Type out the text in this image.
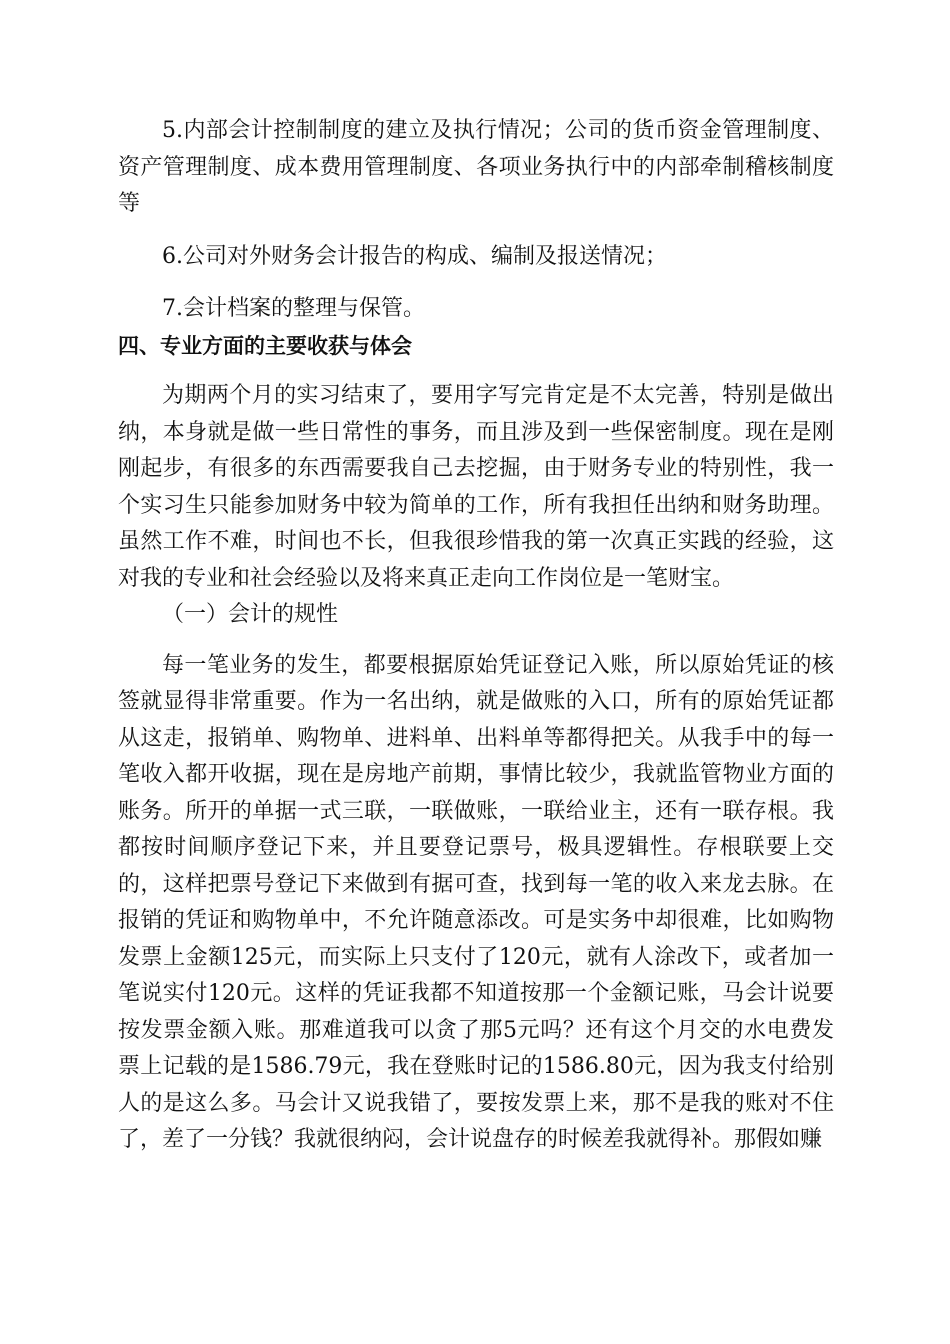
5.内部会计控制制度的建立及执行情况；公司的货币资金管理制度、资产管理制度、成本费用管理制度、各项业务执行中的内部牵制稽核制度等

6.公司对外财务会计报告的构成、编制及报送情况；

7.会计档案的整理与保管。

四、专业方面的主要收获与体会

为期两个月的实习结束了，要用字写完肯定是不太完善，特别是做出纳，本身就是做一些日常性的事务，而且涉及到一些保密制度。现在是刚刚起步，有很多的东西需要我自己去挖掘，由于财务专业的特别性，我一个实习生只能参加财务中较为简单的工作，所有我担任出纳和财务助理。虽然工作不难，时间也不长，但我很珍惜我的第一次真正实践的经验，这对我的专业和社会经验以及将来真正走向工作岗位是一笔财宝。

（一）会计的规性

每一笔业务的发生，都要根据原始凭证登记入账，所以原始凭证的核签就显得非常重要。作为一名出纳，就是做账的入口，所有的原始凭证都从这走，报销单、购物单、进料单、出料单等都得把关。从我手中的每一笔收入都开收据，现在是房地产前期，事情比较少，我就监管物业方面的账务。所开的单据一式三联，一联做账，一联给业主，还有一联存根。我都按时间顺序登记下来，并且要登记票号，极具逻辑性。存根联要上交的，这样把票号登记下来做到有据可查，找到每一笔的收入来龙去脉。在报销的凭证和购物单中，不允许随意添改。可是实务中却很难，比如购物发票上金额125元，而实际上只支付了120元，就有人涂改下，或者加一笔说实付120元。这样的凭证我都不知道按那一个金额记账，马会计说要按发票金额入账。那难道我可以贪了那5元吗？还有这个月交的水电费发票上记载的是1586.79元，我在登账时记的1586.80元，因为我支付给别人的是这么多。马会计又说我错了，要按发票上来，那不是我的账对不住了，差了一分钱？我就很纳闷，会计说盘存的时候差我就得补。那假如赚
